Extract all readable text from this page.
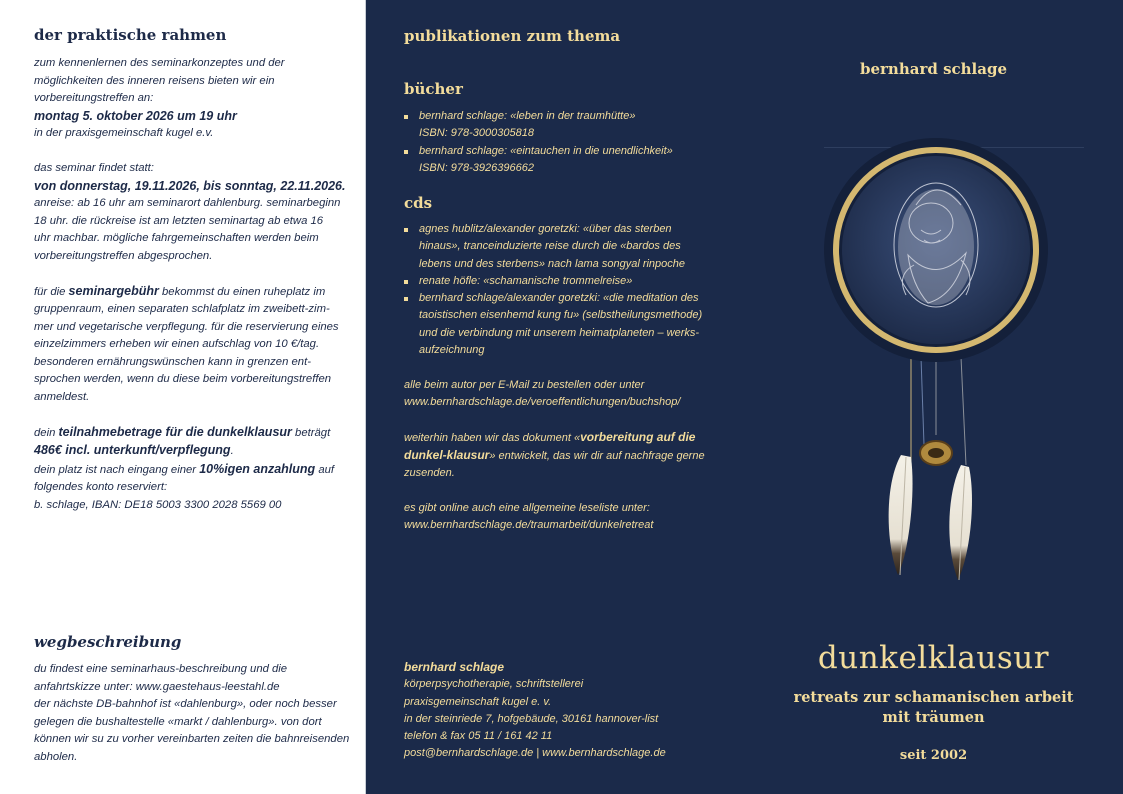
der praktische rahmen

zum kennenlernen des seminarkonzeptes und der

möglichkeiten des inneren reisens bieten wir ein

vorbereitungstreffen an:

montag 5. oktober 2026 um 19 uhr

in der praxisgemeinschaft kugel e.v.

das seminar findet statt:

von donnerstag, 19.11.2026, bis sonntag, 22.11.2026.

anreise: ab 16 uhr am seminarort dahlenburg. seminarbeginn

18 uhr. die rückreise ist am letzten seminartag ab etwa 16

uhr machbar. mögliche fahrgemeinschaften werden beim

vorbereitungstreffen abgesprochen.

für die seminargebühr bekommst du einen ruheplatz im

gruppenraum, einen separaten schlafplatz im zweibett-zim-

mer und vegetarische verpflegung. für die reservierung eines

einzelzimmers erheben wir einen aufschlag von 10 €/tag.

besonderen ernährungswünschen kann in grenzen ent-

sprochen werden, wenn du diese beim vorbereitungstreffen

anmeldest.

dein teilnahmebetrage für die dunkelklausur beträgt

486€ incl. unterkunft/verpflegung.

dein platz ist nach eingang einer 10%igen anzahlung auf

folgendes konto reserviert:

b. schlage, IBAN: DE18 5003 3300 2028 5569 00

wegbeschreibung

du findest eine seminarhaus-beschreibung und die

anfahrtskizze unter: www.gaestehaus-leestahl.de

der nächste DB-bahnhof ist «dahlenburg», oder noch besser

gelegen die bushaltestelle «markt / dahlenburg». von dort

können wir su zu vorher vereinbarten zeiten die bahnreisenden

abholen.

publikationen zum thema
bücher
bernhard schlage: «leben in der traumhütte»
ISBN: 978-3000305818
bernhard schlage: «eintauchen in die unendlichkeit»
ISBN: 978-3926396662
cds
agnes hublitz/alexander goretzki: «über das sterben
hinaus», tranceinduzierte reise durch die «bardos des
lebens und des sterbens» nach lama songyal rinpoche
renate höfle: «schamanische trommelreise»
bernhard schlage/alexander goretzki: «die meditation des
taoistischen eisenhemd kung fu» (selbstheilungsmethode)
und die verbindung mit unserem heimatplaneten – werks-
aufzeichnung

alle beim autor per E-Mail zu bestellen oder unter

www.bernhardschlage.de/veroeffentlichungen/buchshop/

weiterhin haben wir das dokument «vorbereitung auf die

dunkel-klausur» entwickelt, das wir dir auf nachfrage gerne

zusenden.

es gibt online auch eine allgemeine leseliste unter:

www.bernhardschlage.de/traumarbeit/dunkelretreat

bernhard schlage

körperpsychotherapie, schriftstellerei

praxisgemeinschaft kugel e. v.

in der steinriede 7, hofgebäude, 30161 hannover-list

telefon & fax 05 11 / 161 42 11

post@bernhardschlage.de | www.bernhardschlage.de

bernhard schlage
dunkelklausur
retreats zur schamanischen arbeit
mit träumen
seit 2002
